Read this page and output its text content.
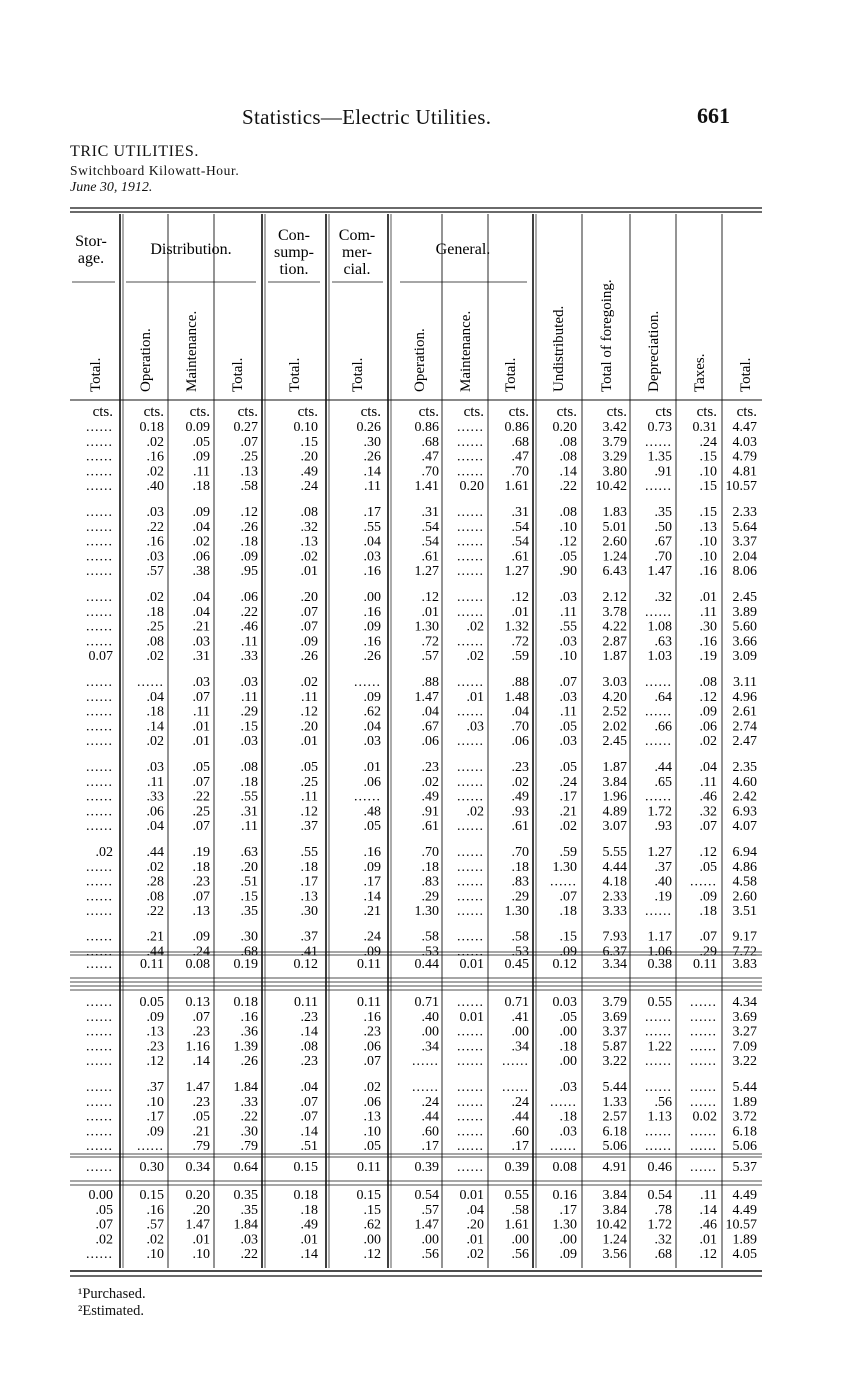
Statistics—Electric Utilities.	661
TRIC UTILITIES.
Switchboard Kilowatt-Hour.
June 30, 1912.
Stor-
age.
Distribution.
Con-
sump-
tion.
Com-
mer-
cial.
General.
Total. Operation. Maintenance. Total.	Total.	Total.	Operation. Maintenance. Total. Undistributed. Total of foregoing. Depreciation. Taxes. Total.
cts. cts. cts. cts.	cts.	cts.	cts. cts. cts. cts. cts. cts cts. cts.
...... 0.18 0.09 0.27	0.10	0.26 0.86 ...... 0.86 0.20 3.42 0.73 0.31 4.47
...... .02 .05 .07	.15	.30	.68 ...... .68 .08 3.79 ...... .24 4.03
...... .16 .09 .25	.20	.26	.47 ...... .47 .08 3.29 1.35 .15 4.79
...... .02 .11 .13	.49	.14	.70 ...... .70 .14 3.80 .91 .10 4.81
...... .40 .18 .58	.24	.11 1.41 0.20 1.61 .22 10.42 ...... .15 10.57
...... .03 .09 .12	.08	.17	.31 ...... .31 .08 1.83 .35 .15 2.33
...... .22 .04 .26	.32	.55	.54 ...... .54 .10 5.01 .50 .13 5.64
...... .16 .02 .18	.13	.04	.54 ...... .54 .12 2.60 .67 .10 3.37
...... .03 .06 .09	.02	.03	.61 ...... .61 .05 1.24 .70 .10 2.04
...... .57 .38 .95	.01	.16 1.27 ...... 1.27 .90 6.43 1.47 .16 8.06
...... .02 .04 .06	.20	.00	.12 ...... .12 .03 2.12 .32 .01 2.45
...... .18 .04 .22	.07	.16	.01 ...... .01 .11 3.78 ...... .11 3.89
...... .25 .21 .46	.07	.09 1.30 .02 1.32 .55 4.22 1.08 .30 5.60
...... .08 .03 .11	.09	.16	.72 ...... .72 .03 2.87 .63 .16 3.66
0.07 .02 .31 .33	.26	.26	.57 .02 .59 .10 1.87 1.03 .19 3.09
...... ...... .03 .03	.02	......	.88 ...... .88 .07 3.03 ...... .08 3.11
...... .04 .07 .11	.11	.09 1.47 .01 1.48 .03 4.20 .64 .12 4.96
...... .18 .11 .29	.12	.62	.04 ...... .04 .11 2.52 ...... .09 2.61
...... .14 .01 .15	.20	.04	.67 .03 .70 .05 2.02 .66 .06 2.74
...... .02 .01 .03	.01	.03	.06 ...... .06 .03 2.45 ...... .02 2.47
...... .03 .05 .08	.05	.01	.23 ...... .23 .05 1.87 .44 .04 2.35
...... .11 .07 .18	.25	.06	.02 ...... .02 .24 3.84 .65 .11 4.60
...... .33 .22 .55	.11	......	.49 ...... .49 .17 1.96 ...... .46 2.42
...... .06 .25 .31	.12	.48	.91 .02 .93 .21 4.89 1.72 .32 6.93
...... .04 .07 .11	.37	.05	.61 ...... .61 .02 3.07 .93 .07 4.07
.02 .44 .19 .63	.55	.16	.70 ...... .70 .59 5.55 1.27 .12 6.94
...... .02 .18 .20	.18	.09	.18 ...... .18 1.30 4.44 .37 .05 4.86
...... .28 .23 .51	.17	.17	.83 ...... .83 ...... 4.18 .40 ...... 4.58
...... .08 .07 .15	.13	.14	.29 ...... .29 .07 2.33 .19 .09 2.60
...... .22 .13 .35	.30	.21 1.30 ...... 1.30 .18 3.33 ...... .18 3.51
...... .21 .09 .30	.37	.24	.58 ...... .58 .15 7.93 1.17 .07 9.17
...... .44 .24 .68	.41	.09	.53 ...... .53 .09 6.37 1.06 .29 7.72
...... 0.11 0.08 0.19	0.12	0.11 0.44 0.01 0.45 0.12 3.34 0.38 0.11 3.83
...... 0.05 0.13 0.18	0.11	0.11 0.71 ...... 0.71 0.03 3.79 0.55 ...... 4.34
...... .09 .07 .16	.23	.16	.40 0.01 .41 .05 3.69 ...... ...... 3.69
...... .13 .23 .36	.14	.23	.00 ...... .00 .00 3.37 ...... ...... 3.27
...... .23 1.16 1.39	.08	.06	.34 ...... .34 .18 5.87 1.22 ...... 7.09
...... .12 .14 .26	.23	.07 ...... ...... ...... .00 3.22 ...... ...... 3.22
...... .37 1.47 1.84	.04	.02 ...... ...... ...... .03 5.44 ...... ...... 5.44
...... .10 .23 .33	.07	.06	.24 ...... .24 ...... 1.33 .56 ...... 1.89
...... .17 .05 .22	.07	.13	.44 ...... .44 .18 2.57 1.13 0.02 3.72
...... .09 .21 .30	.14	.10	.60 ...... .60 .03 6.18 ...... ...... 6.18
...... ...... .79 .79	.51	.05	.17 ...... .17 ...... 5.06 ...... ...... 5.06
...... 0.30 0.34 0.64	0.15	0.11 0.39 ...... 0.39 0.08 4.91 0.46 ...... 5.37
0.00 0.15 0.20 0.35	0.18	0.15 0.54 0.01 0.55 0.16 3.84 0.54 .11 4.49
.05 .16 .20 .35	.18	.15	.57 .04 .58 .17 3.84 .78 .14 4.49
.07 .57 1.47 1.84	.49	.62 1.47 .20 1.61 1.30 10.42 1.72 .46 10.57
.02 .02 .01 .03	.01	.00	.00 .01 .00 .00 1.24 .32 .01 1.89
...... .10 .10 .22	.14	.12	.56 .02 .56 .09 3.56 .68 .12 4.05
¹Purchased.
²Estimated.
